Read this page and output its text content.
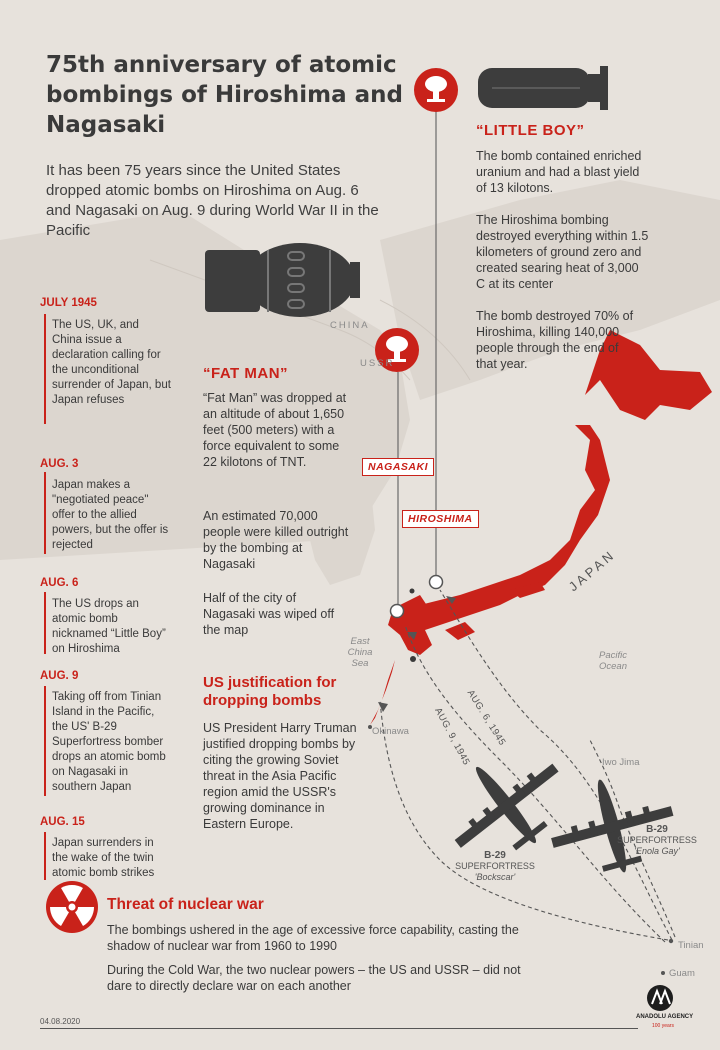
75th anniversary of atomic bombings of Hiroshima and Nagasaki
It has been 75 years since the United States dropped atomic bombs on Hiroshima on Aug. 6 and Nagasaki on Aug. 9 during World War II in the Pacific
JULY 1945
The US, UK, and China issue a declaration calling for the unconditional surrender of Japan, but Japan refuses
AUG. 3
Japan makes a "negotiated peace" offer to the allied powers, but the offer is rejected
AUG. 6
The US drops an atomic bomb nicknamed “Little Boy” on Hiroshima
AUG. 9
Taking off from Tinian Island in the Pacific, the US' B-29 Superfortress bomber drops an atomic bomb on Nagasaki in southern Japan
AUG. 15
Japan surrenders in the wake of the twin atomic bomb strikes
“LITTLE BOY”
The bomb contained enriched uranium and had a blast yield of 13 kilotons.
The Hiroshima bombing destroyed everything within 1.5 kilometers of ground zero and created searing heat of 3,000 C at its center
The bomb destroyed 70% of Hiroshima, killing 140,000 people through the end of that year.
“FAT MAN”
“Fat Man” was dropped at an altitude of about 1,650 feet (500 meters) with a force equivalent to some 22 kilotons of TNT.
An estimated 70,000 people were killed outright by the bombing at Nagasaki
Half of the city of Nagasaki was wiped off the map
US justification for dropping bombs
US President Harry Truman justified dropping bombs by citing the growing Soviet threat in the Asia Pacific region amid the USSR's growing dominance in Eastern Europe.
NAGASAKI
HIROSHIMA
CHINA
USSR
JAPAN
East China Sea
Pacific Ocean
Okinawa
Iwo Jima
Tinian
Guam
AUG. 6, 1945
AUG. 9, 1945
B-29
SUPERFORTRESS
'Bockscar'
B-29
SUPERFORTRESS
'Enola Gay'
Threat of nuclear war
The bombings ushered in the age of excessive force capability, casting the shadow of nuclear war from 1960 to 1990
During the Cold War, the two nuclear powers – the US and USSR – did not dare to directly declare war on each another
04.08.2020	ANADOLU AGENCY
100 years
